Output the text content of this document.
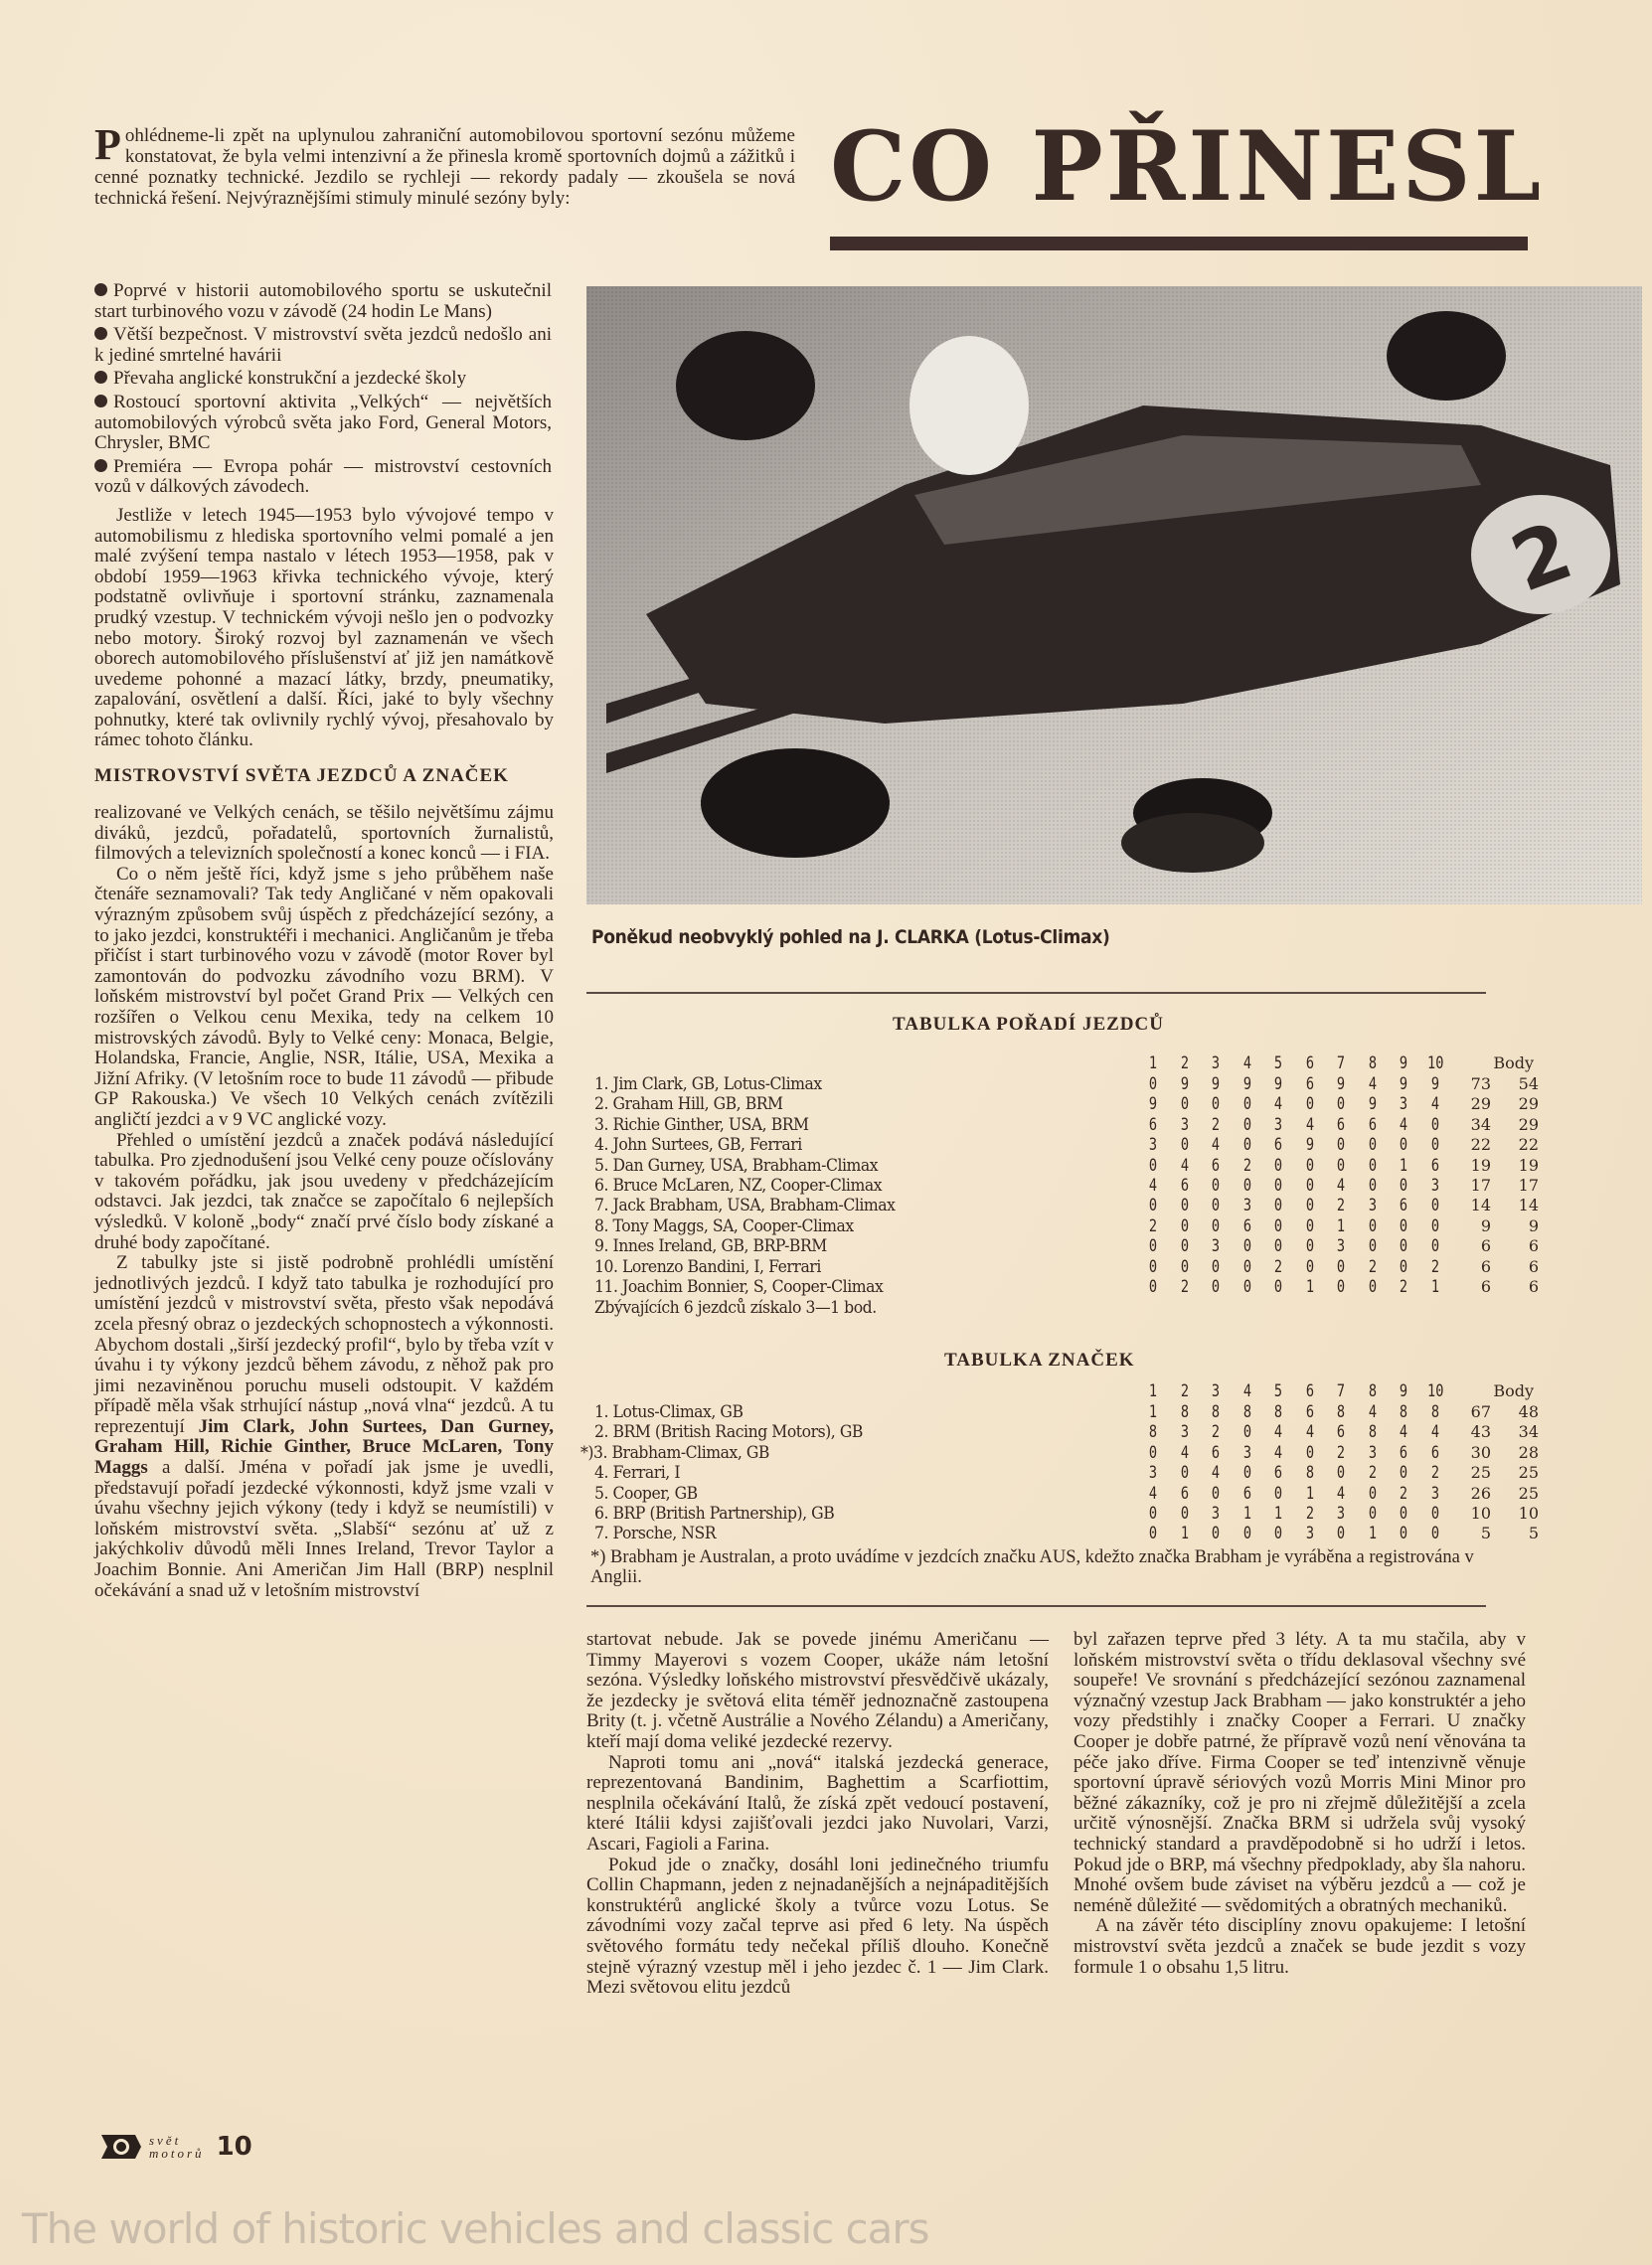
Pohlédneme-li zpět na uplynulou zahraniční automobilovou sportovní sezónu můžeme konstatovat, že byla velmi intenzivní a že přinesla kromě sportovních dojmů a zážitků i cenné poznatky technické. Jezdilo se rychleji — rekordy padaly — zkoušela se nová technická řešení. Nejvýraznějšími stimuly minulé sezóny byly:	CO PŘINESL
Poprvé v historii automobilového sportu se uskutečnil start turbinového vozu v závodě (24 hodin Le Mans)
Větší bezpečnost. V mistrovství světa jezdců nedošlo ani k jediné smrtelné havárii
Převaha anglické konstrukční a jezdecké školy
Rostoucí sportovní aktivita „Velkých“ — největších automobilových výrobců světa jako Ford, General Motors, Chrysler, BMC
Premiéra — Evropa pohár — mistrovství cestovních vozů v dálkových závodech.

Jestliže v letech 1945—1953 bylo vývojové tempo v automobilismu z hlediska sportovního velmi pomalé a jen malé zvýšení tempa nastalo v létech 1953—1958, pak v období 1959—1963 křivka technického vývoje, který podstatně ovlivňuje i sportovní stránku, zaznamenala prudký vzestup. V technickém vývoji nešlo jen o podvozky nebo motory. Široký rozvoj byl zaznamenán ve všech oborech automobilového příslušenství ať již jen namátkově uvedeme pohonné a mazací látky, brzdy, pneumatiky, zapalování, osvětlení a další. Říci, jaké to byly všechny pohnutky, které tak ovlivnily rychlý vývoj, přesahovalo by rámec tohoto článku.

MISTROVSTVÍ SVĚTA JEZDCŮ A ZNAČEK

realizované ve Velkých cenách, se těšilo největšímu zájmu diváků, jezdců, pořadatelů, sportovních žurnalistů, filmových a televizních společností a konec konců — i FIA.

Co o něm ještě říci, když jsme s jeho průběhem naše čtenáře seznamovali? Tak tedy Angličané v něm opakovali výrazným způsobem svůj úspěch z předcházející sezóny, a to jako jezdci, konstruktéři i mechanici. Angličanům je třeba přičíst i start turbinového vozu v závodě (motor Rover byl zamontován do podvozku závodního vozu BRM). V loňském mistrovství byl počet Grand Prix — Velkých cen rozšířen o Velkou cenu Mexika, tedy na celkem 10 mistrovských závodů. Byly to Velké ceny: Monaca, Belgie, Holandska, Francie, Anglie, NSR, Itálie, USA, Mexika a Jižní Afriky. (V letošním roce to bude 11 závodů — přibude GP Rakouska.) Ve všech 10 Velkých cenách zvítězili angličtí jezdci a v 9 VC anglické vozy.

Přehled o umístění jezdců a značek podává následující tabulka. Pro zjednodušení jsou Velké ceny pouze očíslovány v takovém pořádku, jak jsou uvedeny v předcházejícím odstavci. Jak jezdci, tak značce se započítalo 6 nejlepších výsledků. V koloně „body“ značí prvé číslo body získané a druhé body započítané.

Z tabulky jste si jistě podrobně prohlédli umístění jednotlivých jezdců. I když tato tabulka je rozhodující pro umístění jezdců v mistrovství světa, přesto však nepodává zcela přesný obraz o jezdeckých schopnostech a výkonnosti. Abychom dostali „širší jezdecký profil“, bylo by třeba vzít v úvahu i ty výkony jezdců během závodu, z něhož pak pro jimi nezaviněnou poruchu museli odstoupit. V každém případě měla však strhující nástup „nová vlna“ jezdců. A tu reprezentují Jim Clark, John Surtees, Dan Gurney, Graham Hill, Richie Ginther, Bruce McLaren, Tony Maggs a další. Jména v pořadí jak jsme je uvedli, představují pořadí jezdecké výkonnosti, když jsme vzali v úvahu všechny jejich výkony (tedy i když se neumístili) v loňském mistrovství světa. „Slabší“ sezónu ať už z jakýchkoliv důvodů měli Innes Ireland, Trevor Taylor a Joachim Bonnie. Ani Američan Jim Hall (BRP) nesplnil očekávání a snad už v letošním mistrovství

2
Poněkud neobvyklý pohled na J. CLARKA (Lotus-Climax)
TABULKA POŘADÍ JEZDCŮ
1 2 3 4 5 6 7 8 9 10	Body
1. Jim Clark, GB, Lotus-Climax	0 9 9 9 9 6 9 4 9 9	73	54
2. Graham Hill, GB, BRM	9 0 0 0 4 0 0 9 3 4	29	29
3. Richie Ginther, USA, BRM	6 3 2 0 3 4 6 6 4 0	34	29
4. John Surtees, GB, Ferrari	3 0 4 0 6 9 0 0 0 0	22	22
5. Dan Gurney, USA, Brabham-Climax	0 4 6 2 0 0 0 0 1 6	19	19
6. Bruce McLaren, NZ, Cooper-Climax	4 6 0 0 0 0 4 0 0 3	17	17
7. Jack Brabham, USA, Brabham-Climax	0 0 0 3 0 0 2 3 6 0	14	14
8. Tony Maggs, SA, Cooper-Climax	2 0 0 6 0 0 1 0 0 0	9	9
9. Innes Ireland, GB, BRP-BRM	0 0 3 0 0 0 3 0 0 0	6	6
10. Lorenzo Bandini, I, Ferrari	0 0 0 0 2 0 0 2 0 2	6	6
11. Joachim Bonnier, S, Cooper-Climax	0 2 0 0 0 1 0 0 2 1	6	6
Zbývajících 6 jezdců získalo 3—1 bod.
TABULKA ZNAČEK
1 2 3 4 5 6 7 8 9 10	Body
1. Lotus-Climax, GB	1 8 8 8 8 6 8 4 8 8	67	48
2. BRM (British Racing Motors), GB	8 3 2 0 4 4 6 8 4 4	43	34
*)3. Brabham-Climax, GB	0 4 6 3 4 0 2 3 6 6	30	28
4. Ferrari, I	3 0 4 0 6 8 0 2 0 2	25	25
5. Cooper, GB	4 6 0 6 0 1 4 0 2 3	26	25
6. BRP (British Partnership), GB	0 0 3 1 1 2 3 0 0 0	10	10
7. Porsche, NSR	0 1 0 0 0 3 0 1 0 0	5	5
*) Brabham je Australan, a proto uvádíme v jezdcích značku AUS, kdežto značka Brabham je vyráběna a registrována v Anglii.

startovat nebude. Jak se povede jinému Američanu — Timmy Mayerovi s vozem Cooper, ukáže nám letošní sezóna. Výsledky loňského mistrovství přesvědčivě ukázaly, že jezdecky je světová elita téměř jednoznačně zastoupena Brity (t. j. včetně Austrálie a Nového Zélandu) a Američany, kteří mají doma veliké jezdecké rezervy.

Naproti tomu ani „nová“ italská jezdecká generace, reprezentovaná Bandinim, Baghettim a Scarfiottim, nesplnila očekávání Italů, že získá zpět vedoucí postavení, které Itálii kdysi zajišťovali jezdci jako Nuvolari, Varzi, Ascari, Fagioli a Farina.

Pokud jde o značky, dosáhl loni jedinečného triumfu Collin Chapmann, jeden z nejnadanějších a nejnápaditějších konstruktérů anglické školy a tvůrce vozu Lotus. Se závodními vozy začal teprve asi před 6 lety. Na úspěch světového formátu tedy nečekal příliš dlouho. Konečně stejně výrazný vzestup měl i jeho jezdec č. 1 — Jim Clark. Mezi světovou elitu jezdců

byl zařazen teprve před 3 léty. A ta mu stačila, aby v loňském mistrovství světa o třídu deklasoval všechny své soupeře! Ve srovnání s předcházející sezónou zaznamenal význačný vzestup Jack Brabham — jako konstruktér a jeho vozy předstihly i značky Cooper a Ferrari. U značky Cooper je dobře patrné, že přípravě vozů není věnována ta péče jako dříve. Firma Cooper se teď intenzivně věnuje sportovní úpravě sériových vozů Morris Mini Minor pro běžné zákazníky, což je pro ni zřejmě důležitější a zcela určitě výnosnější. Značka BRM si udržela svůj vysoký technický standard a pravděpodobně si ho udrží i letos. Pokud jde o BRP, má všechny předpoklady, aby šla nahoru. Mnohé ovšem bude záviset na výběru jezdců a — což je neméně důležité — svědomitých a obratných mechaniků.

A na závěr této disciplíny znovu opakujeme: I letošní mistrovství světa jezdců a značek se bude jezdit s vozy formule 1 o obsahu 1,5 litru.

svět
motorů 10
The world of historic vehicles and classic cars
